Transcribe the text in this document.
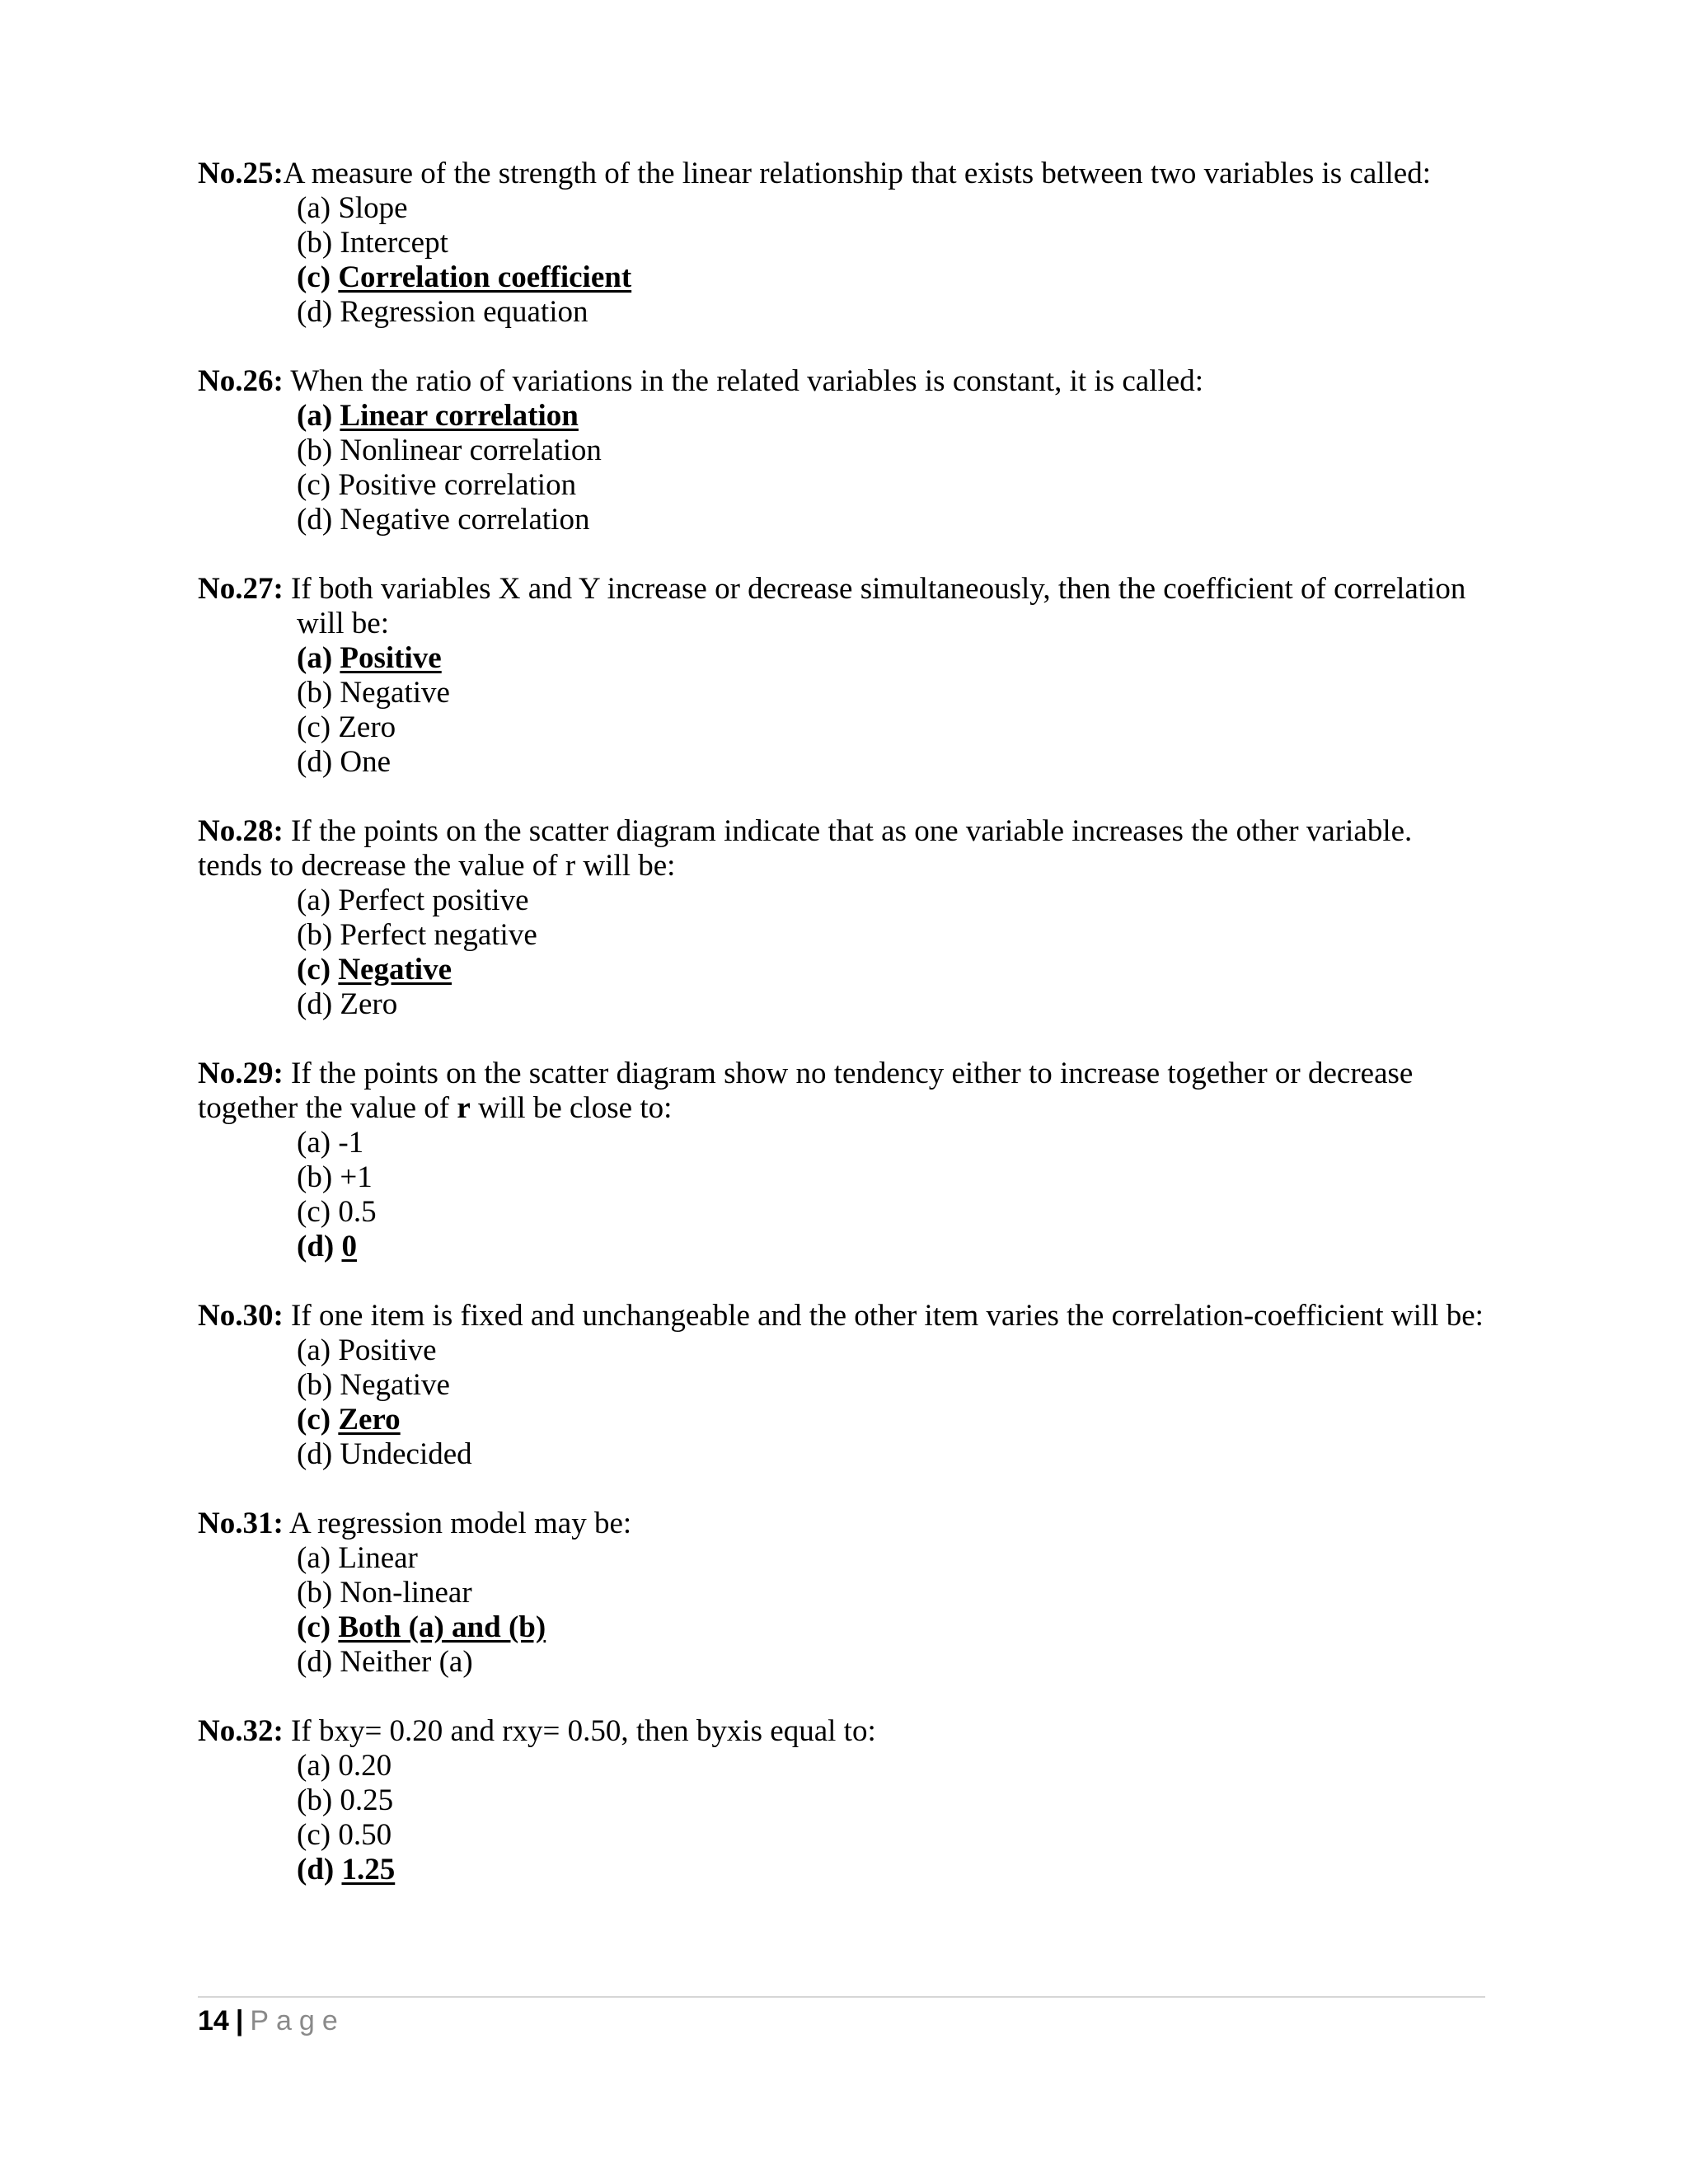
No.25:A measure of the strength of the linear relationship that exists between two variables is called:

(a) Slope
(b) Intercept
(c) Correlation coefficient
(d) Regression equation

No.26: When the ratio of variations in the related variables is constant, it is called:

(a) Linear correlation
(b) Nonlinear correlation
(c) Positive correlation
(d) Negative correlation

No.27: If both variables X and Y increase or decrease simultaneously, then the coefficient of correlation will be:

(a) Positive
(b) Negative
(c) Zero
(d) One

No.28: If the points on the scatter diagram indicate that as one variable increases the other variable. tends to decrease the value of r will be:

(a) Perfect positive
(b) Perfect negative
(c) Negative
(d) Zero

No.29: If the points on the scatter diagram show no tendency either to increase together or decrease together the value of r will be close to:

(a) -1
(b) +1
(c) 0.5
(d) 0

No.30: If one item is fixed and unchangeable and the other item varies the correlation-coefficient will be:

(a) Positive
(b) Negative
(c) Zero
(d) Undecided

No.31: A regression model may be:

(a) Linear
(b) Non-linear
(c) Both (a) and (b)
(d) Neither (a)

No.32: If bxy= 0.20 and rxy= 0.50, then byxis equal to:

(a) 0.20
(b) 0.25
(c) 0.50
(d) 1.25
14 | Page
